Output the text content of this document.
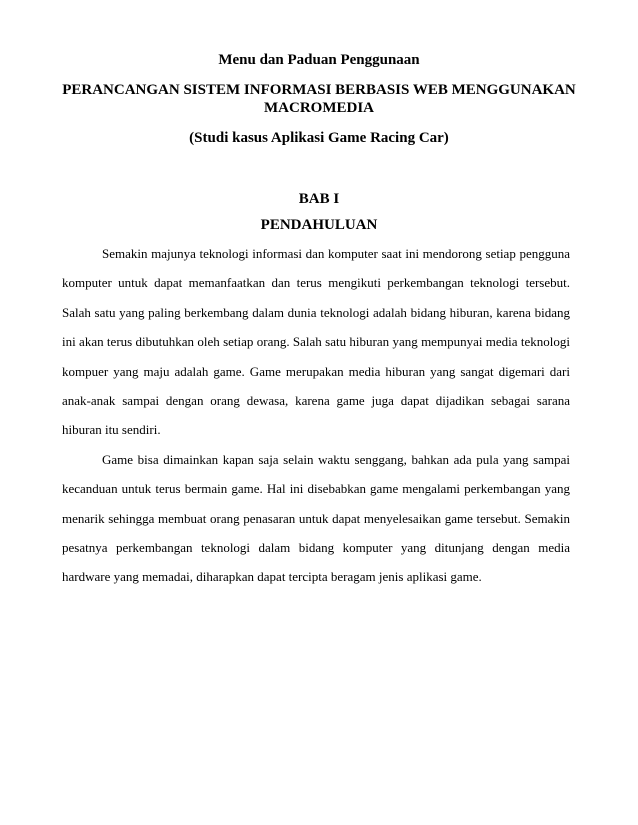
Menu dan Paduan Penggunaan
PERANCANGAN SISTEM INFORMASI BERBASIS WEB MENGGUNAKAN
MACROMEDIA
(Studi kasus Aplikasi Game Racing Car)
BAB I
PENDAHULUAN

Semakin majunya teknologi informasi dan komputer saat ini mendorong setiap pengguna komputer untuk dapat memanfaatkan dan terus mengikuti perkembangan teknologi tersebut. Salah satu yang paling berkembang dalam dunia teknologi adalah bidang hiburan, karena bidang ini akan terus dibutuhkan oleh setiap orang. Salah satu hiburan yang mempunyai media teknologi kompuer yang maju adalah game. Game merupakan media hiburan yang sangat digemari dari anak-anak sampai dengan orang dewasa, karena game juga dapat dijadikan sebagai sarana hiburan itu sendiri.

Game bisa dimainkan kapan saja selain waktu senggang, bahkan ada pula yang sampai kecanduan untuk terus bermain game. Hal ini disebabkan game mengalami perkembangan yang menarik sehingga membuat orang penasaran untuk dapat menyelesaikan game tersebut. Semakin pesatnya perkembangan teknologi dalam bidang komputer yang ditunjang dengan media hardware yang memadai, diharapkan dapat tercipta beragam jenis aplikasi game.
